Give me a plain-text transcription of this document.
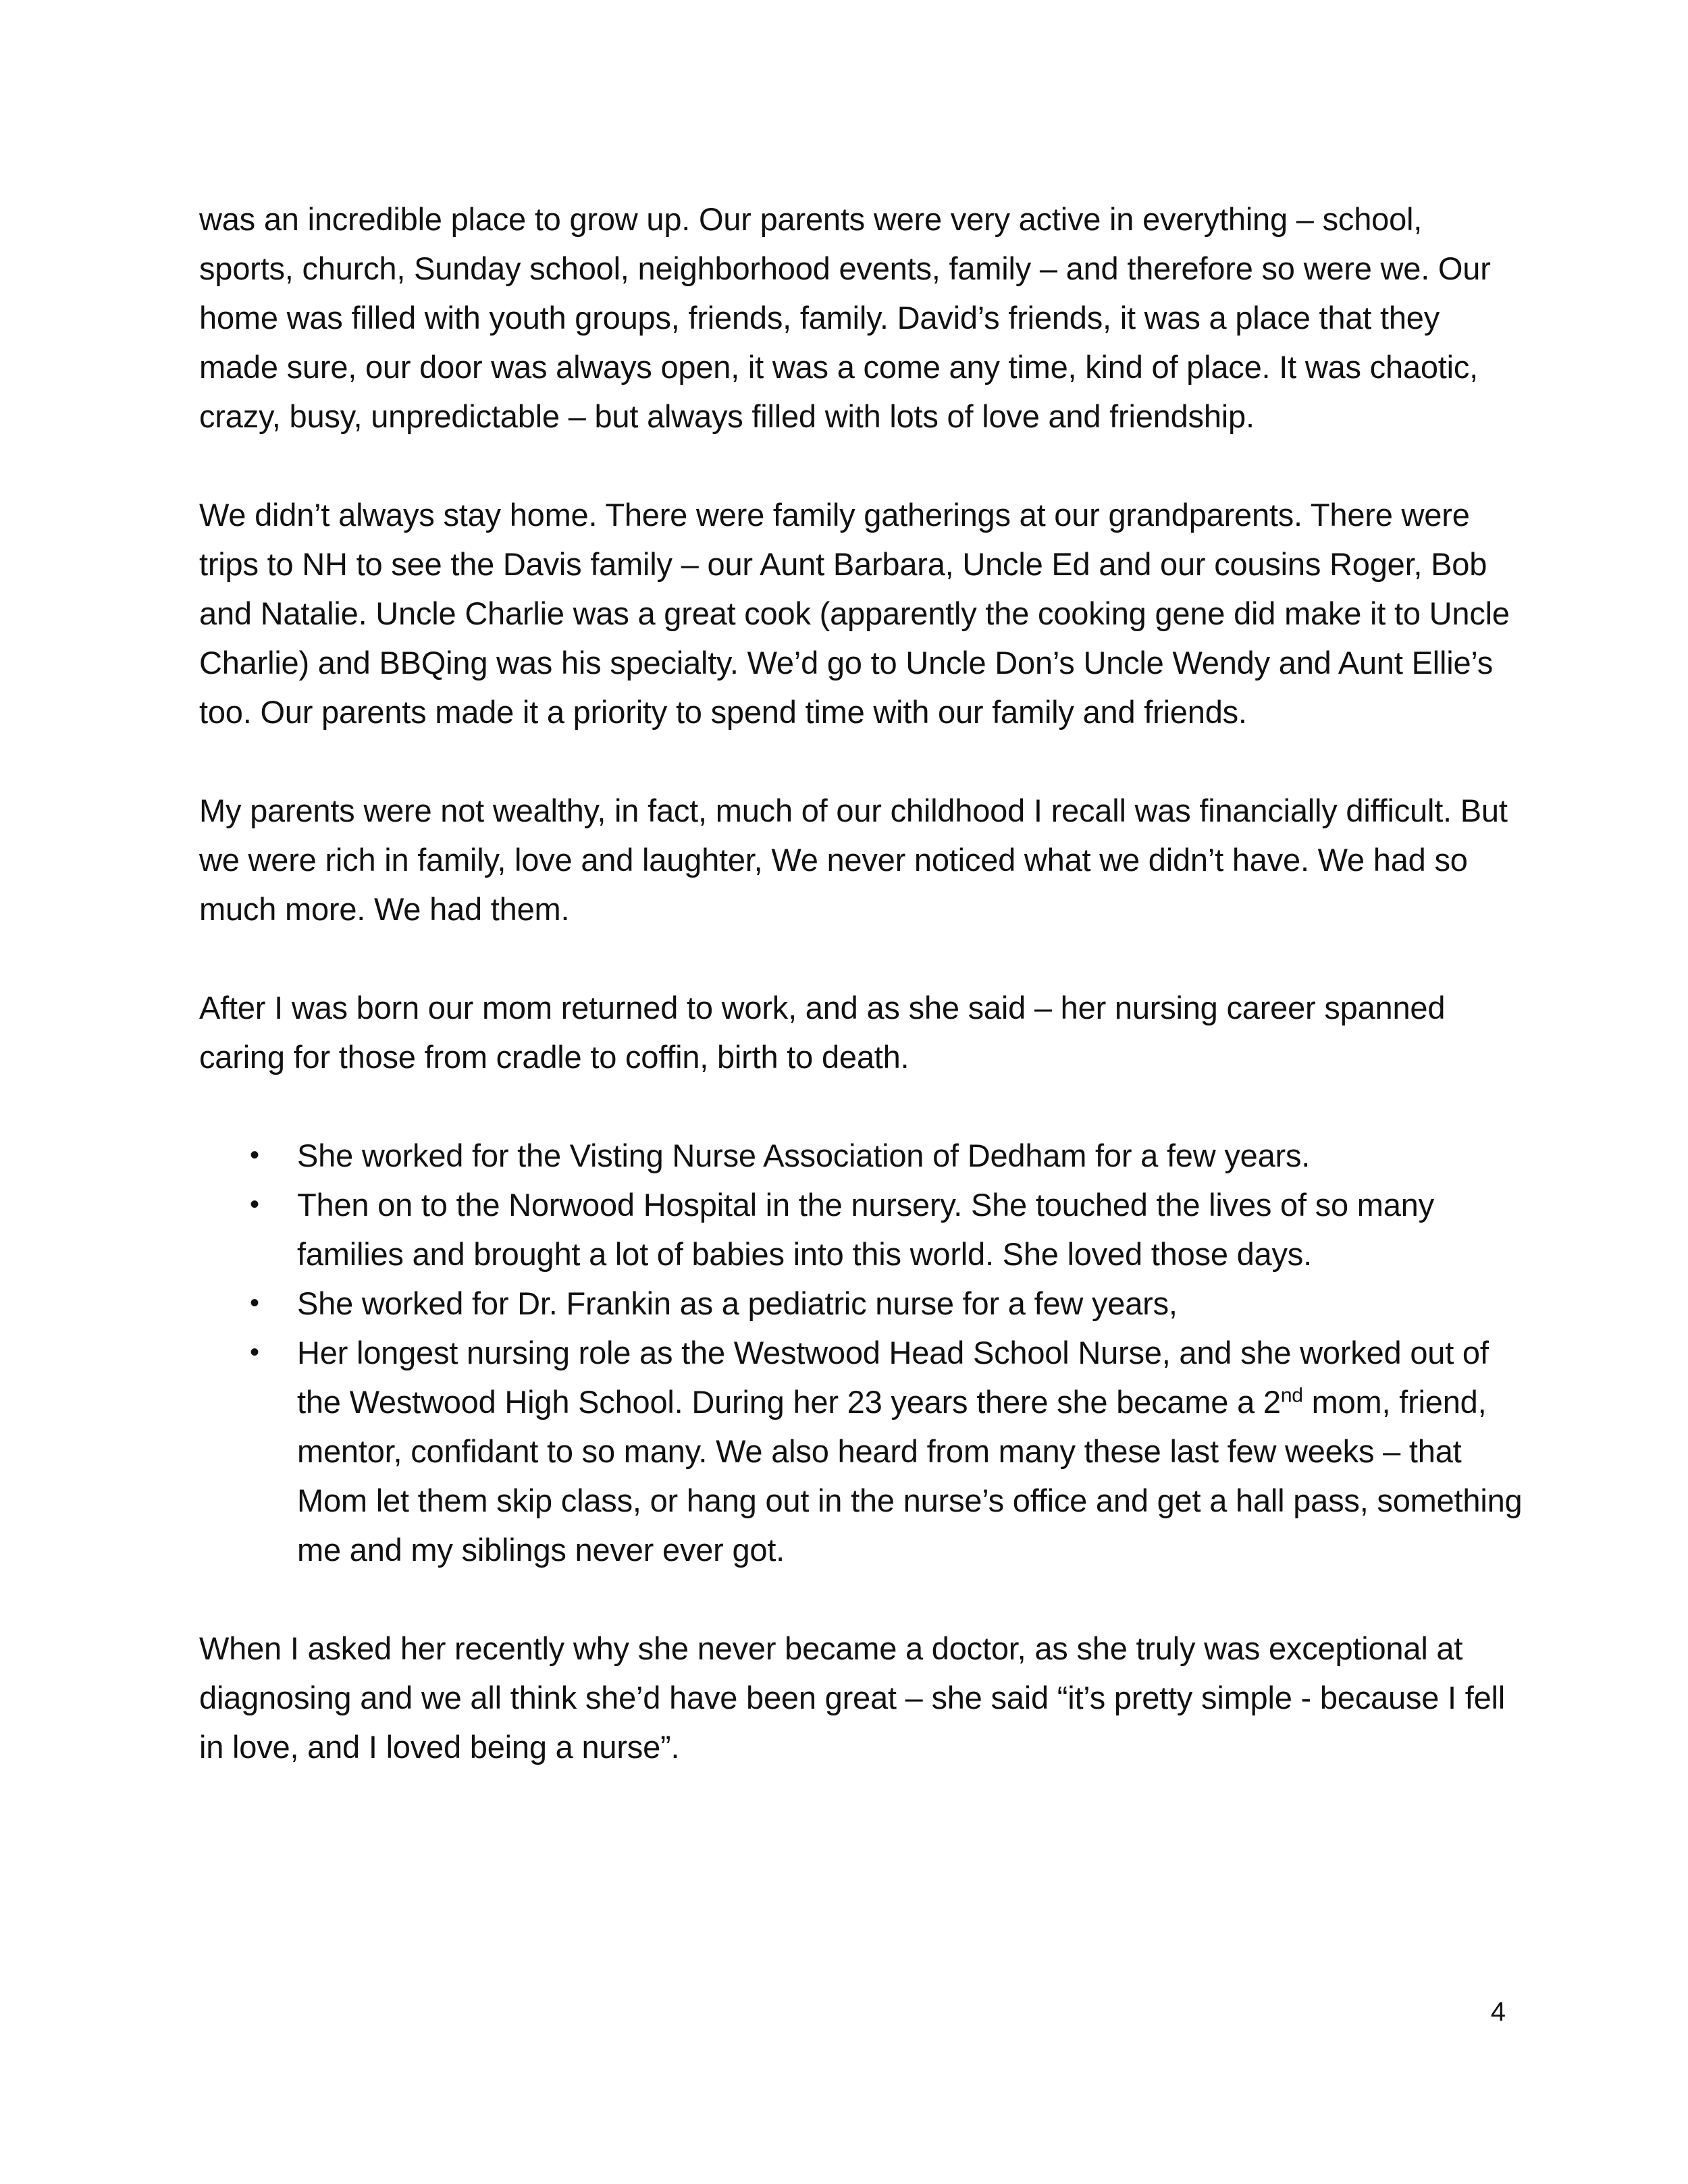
was an incredible place to grow up. Our parents were very active in everything – school, sports, church, Sunday school, neighborhood events, family – and therefore so were we. Our home was filled with youth groups, friends, family. David’s friends, it was a place that they made sure, our door was always open, it was a come any time, kind of place. It was chaotic, crazy, busy, unpredictable – but always filled with lots of love and friendship.

We didn’t always stay home. There were family gatherings at our grandparents. There were trips to NH to see the Davis family – our Aunt Barbara, Uncle Ed and our cousins Roger, Bob and Natalie. Uncle Charlie was a great cook (apparently the cooking gene did make it to Uncle Charlie) and BBQing was his specialty. We’d go to Uncle Don’s Uncle Wendy and Aunt Ellie’s too. Our parents made it a priority to spend time with our family and friends.

My parents were not wealthy, in fact, much of our childhood I recall was financially difficult. But we were rich in family, love and laughter, We never noticed what we didn’t have. We had so much more. We had them.

After I was born our mom returned to work, and as she said – her nursing career spanned caring for those from cradle to coffin, birth to death.

• She worked for the Visting Nurse Association of Dedham for a few years.
• Then on to the Norwood Hospital in the nursery. She touched the lives of so many families and brought a lot of babies into this world. She loved those days.
• She worked for Dr. Frankin as a pediatric nurse for a few years,
• Her longest nursing role as the Westwood Head School Nurse, and she worked out of the Westwood High School. During her 23 years there she became a 2nd mom, friend, mentor, confidant to so many. We also heard from many these last few weeks – that Mom let them skip class, or hang out in the nurse’s office and get a hall pass, something me and my siblings never ever got.

When I asked her recently why she never became a doctor, as she truly was exceptional at diagnosing and we all think she’d have been great – she said “it’s pretty simple - because I fell in love, and I loved being a nurse”.

4
